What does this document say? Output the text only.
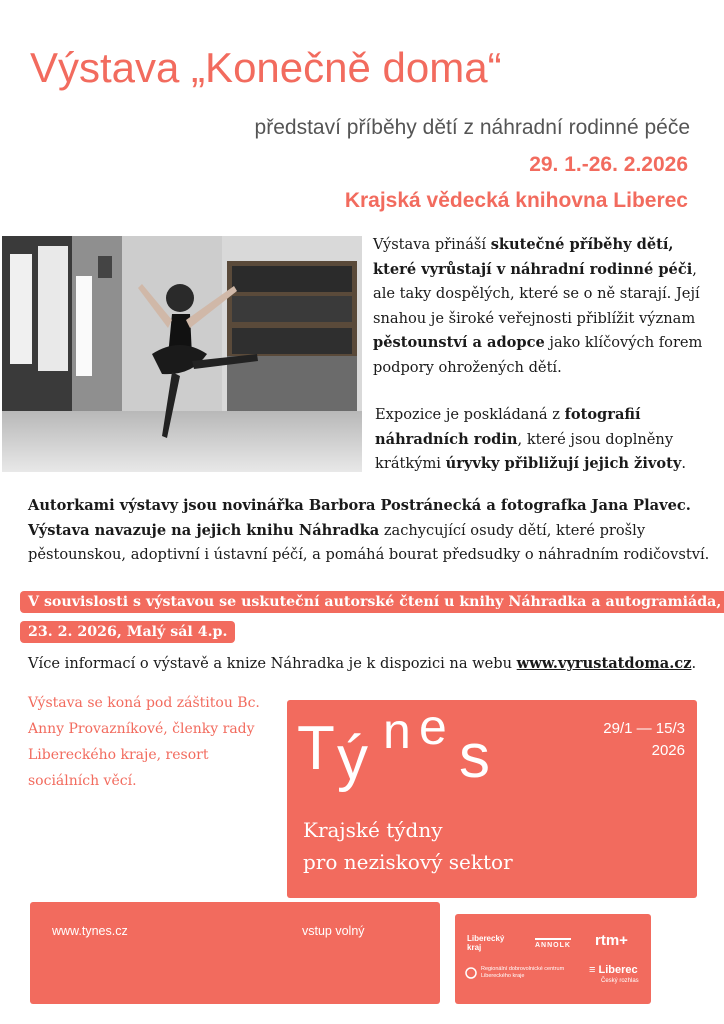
Výstava „Konečně doma“
představí příběhy dětí z náhradní rodinné péče
29. 1.-26. 2.2026
Krajská vědecká knihovna Liberec
Výstava přináší skutečné příběhy dětí, které vyrůstají v náhradní rodinné péči, ale taky dospělých, které se o ně starají. Její snahou je široké veřejnosti přiblížit význam pěstounství a adopce jako klíčových forem podpory ohrožených dětí.
Expozice je poskládaná z fotografií náhradních rodin, které jsou doplněny krátkými úryvky přibližují jejich životy.
Autorkami výstavy jsou novinářka Barbora Postránecká a fotografka Jana Plavec. Výstava navazuje na jejich knihu Náhradka zachycující osudy dětí, které prošly pěstounskou, adoptivní i ústavní péčí, a pomáhá bourat předsudky o náhradním rodičovství.
V souvislosti s výstavou se uskuteční autorské čtení u knihy Náhradka a autogramiáda,
23. 2. 2026, Malý sál 4.p.
Více informací o výstavě a knize Náhradka je k dispozici na webu www.vyrustatdoma.cz.
Výstava se koná pod záštitou Bc. Anny Provazníkové, členky rady Libereckého kraje, resort sociálních věcí.	T ý n e s	29/1 — 15/3
2026
Krajské týdny
pro neziskový sektor
www.tynes.cz	vstup volný
Liberecký kraj	ANNOLK rtm+
Regionální dobrovolnické centrum Libereckého kraje	≡ Liberec
Český rozhlas
